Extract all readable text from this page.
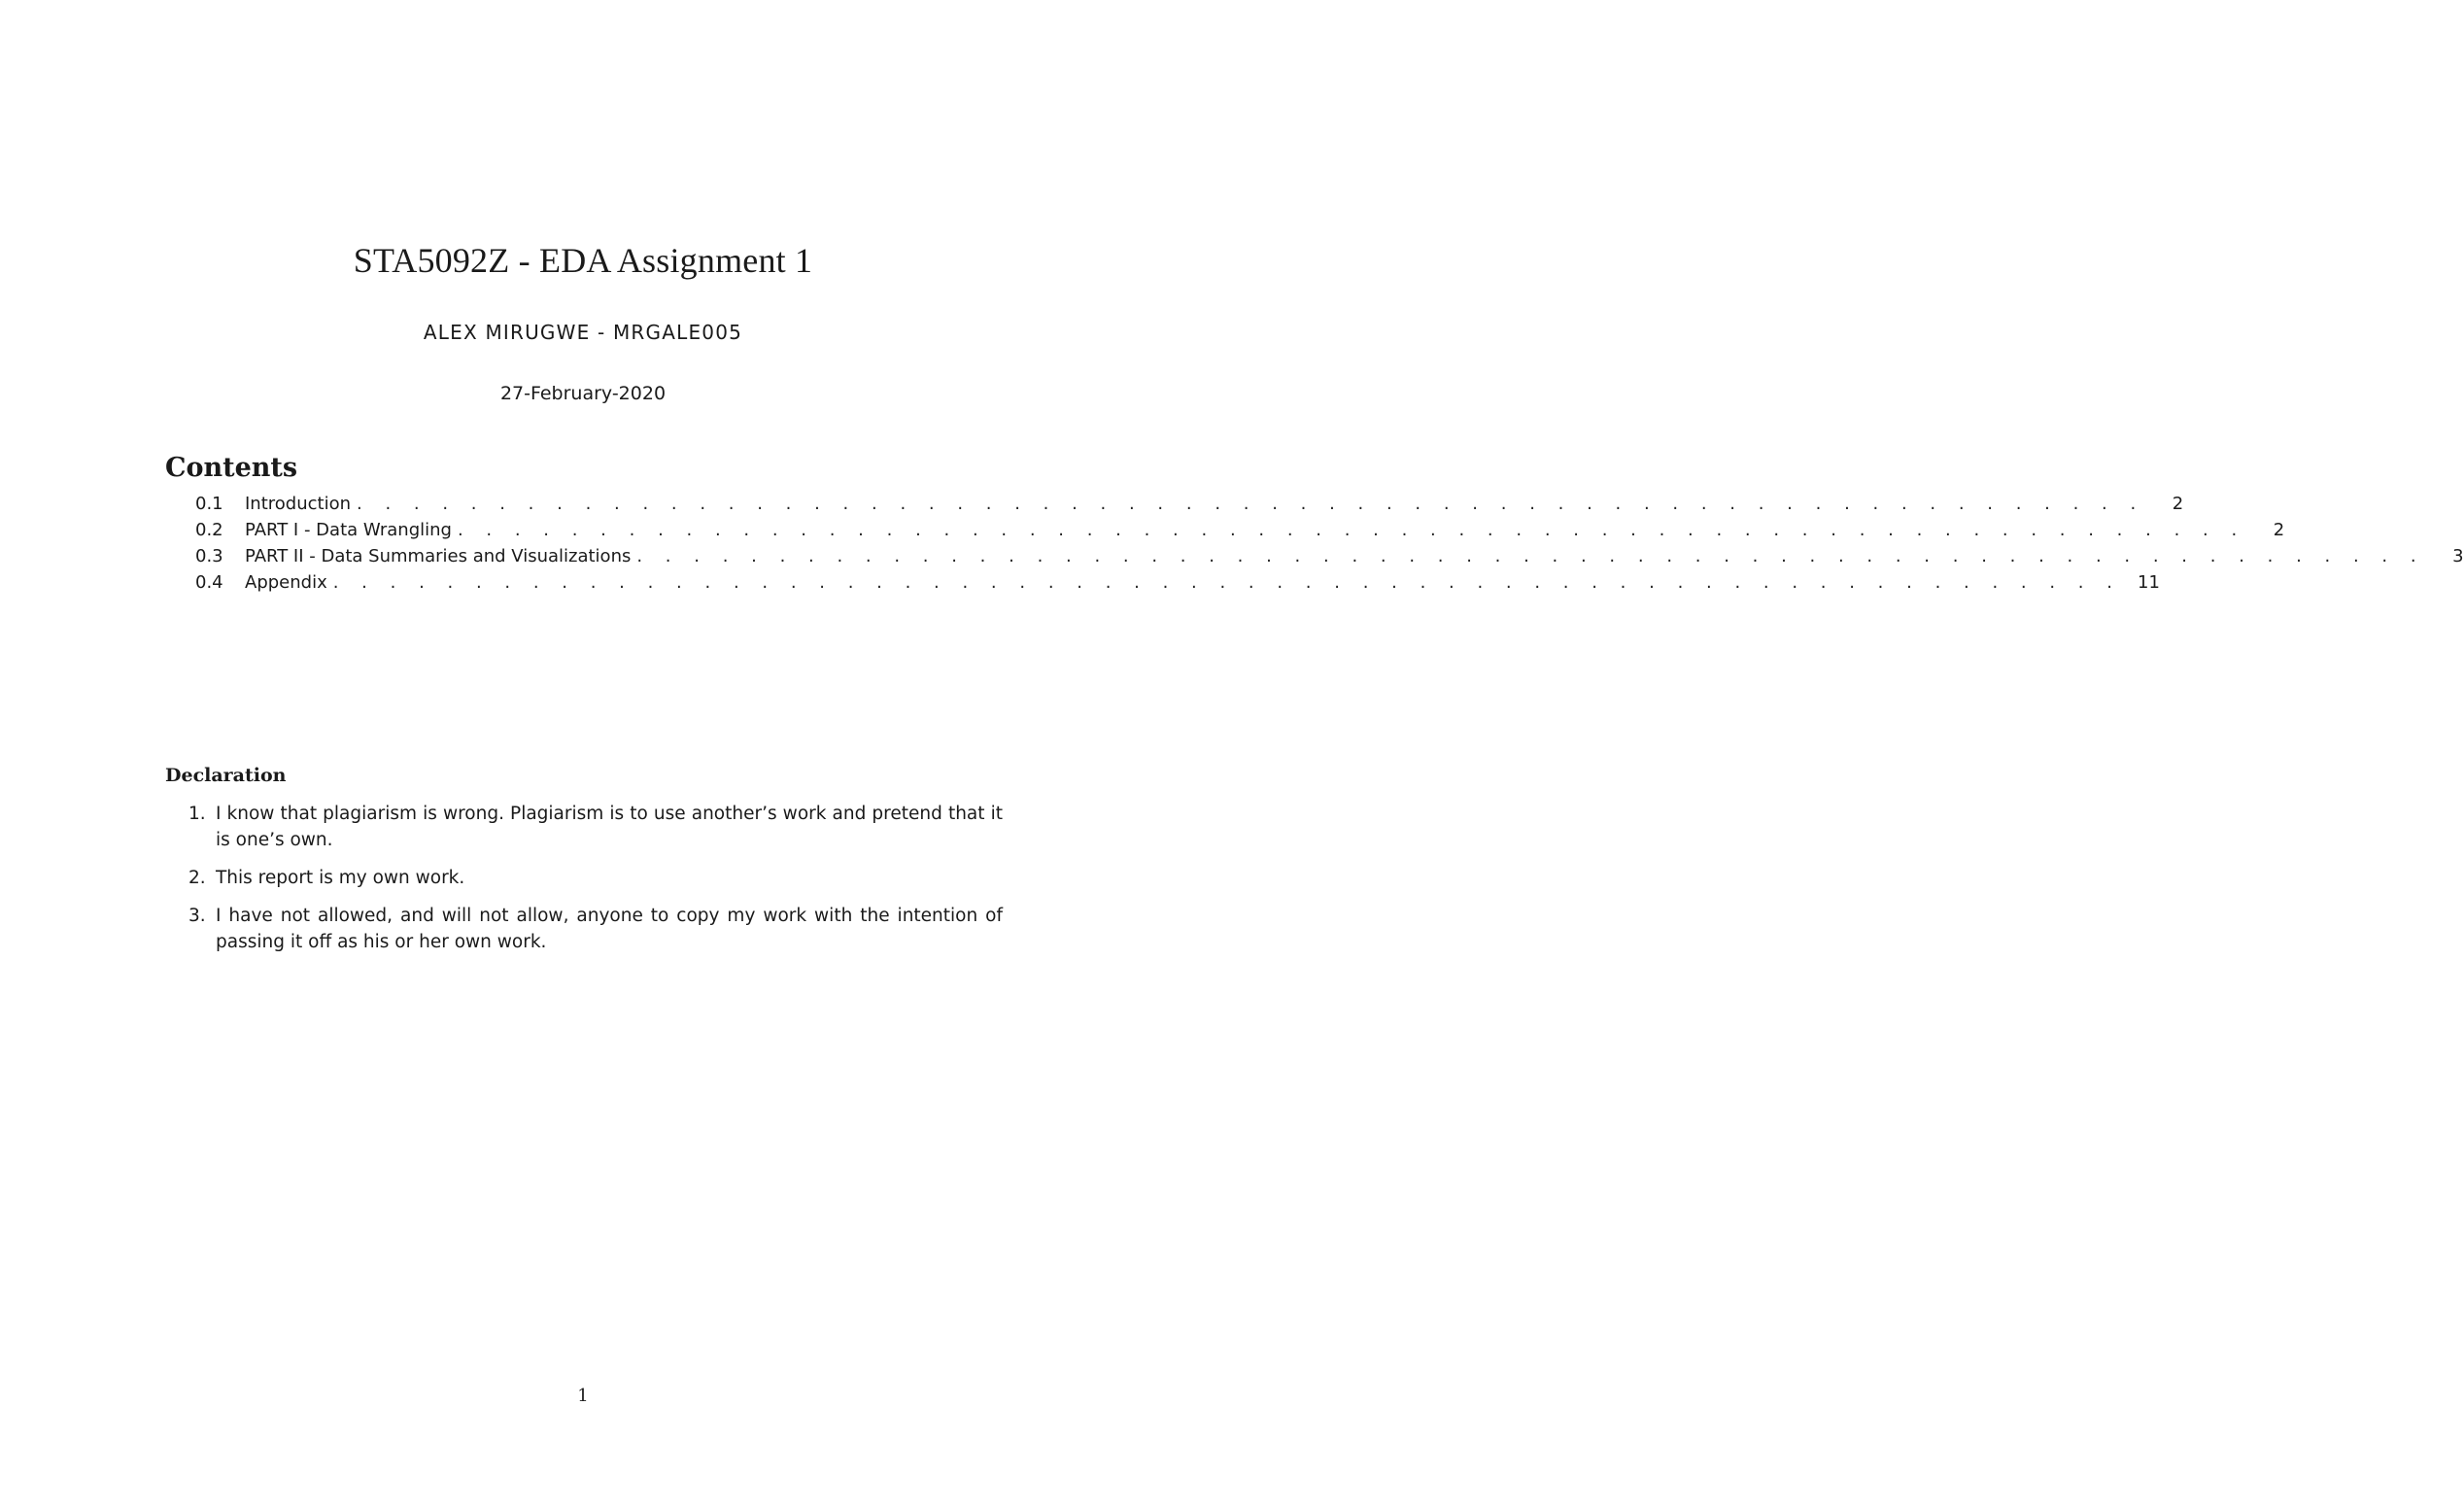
STA5092Z - EDA Assignment 1
ALEX MIRUGWE - MRGALE005
27-February-2020
Contents
0.1	Introduction . . . . . . . . . . . . . . . . . . . . . . . . . . . . . . . . . . . . . . . . . . . . . . . . . . . . . . . . . . . . . . .	2
0.2	PART I - Data Wrangling . . . . . . . . . . . . . . . . . . . . . . . . . . . . . . . . . . . . . . . . . . . . . . . . . . . . . . . . . . . . . . .	2
0.3	PART II - Data Summaries and Visualizations . . . . . . . . . . . . . . . . . . . . . . . . . . . . . . . . . . . . . . . . . . . . . . . . . . . . . . . . . . . . . . .	3
0.4	Appendix . . . . . . . . . . . . . . . . . . . . . . . . . . . . . . . . . . . . . . . . . . . . . . . . . . . . . . . . . . . . . . . 11
Declaration
1. I know that plagiarism is wrong. Plagiarism is to use another’s work and pretend that it is one’s own.
2. This report is my own work.
3. I have not allowed, and will not allow, anyone to copy my work with the intention of passing it off as his or her own work.
1
